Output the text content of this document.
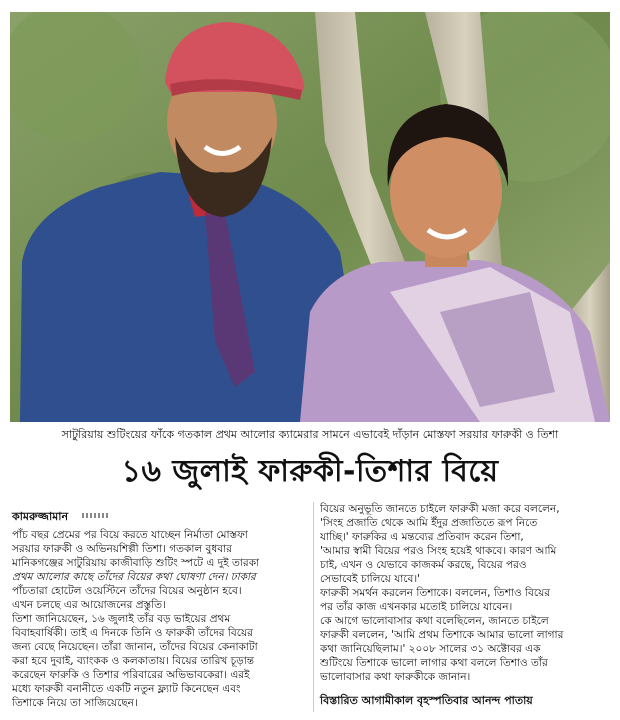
সাটুরিয়ায় শুটিংয়ের ফাঁকে গতকাল প্রথম আলোর ক্যামেরার সামনে এভাবেই দাঁড়ান মোস্তফা সরয়ার ফারুকী ও তিশা
১৬ জুলাই ফারুকী-তিশার বিয়ে
কামরুজ্জামান

পাঁচ বছর প্রেমের পর বিয়ে করতে যাচ্ছেন নির্মাতা মোস্তফা

সরয়ার ফারুকী ও অভিনয়শিল্পী তিশা। গতকাল বুধবার

মানিকগঞ্জের সাটুরিয়ায় কাজীবাড়ি শুটিং স্পটে এ দুই তারকা

প্রথম আলোর কাছে তাঁদের বিয়ের কথা ঘোষণা দেন। ঢাকার

পাঁচতারা হোটেল ওয়েস্টিনে তাঁদের বিয়ের অনুষ্ঠান হবে।

এখন চলছে এর আয়োজনের প্রস্তুতি।

তিশা জানিয়েছেন, ১৬ জুলাই তাঁর বড় ভাইয়ের প্রথম

বিবাহবার্ষিকী। তাই এ দিনকে তিনি ও ফারুকী তাঁদের বিয়ের

জন্য বেছে নিয়েছেন। তাঁরা জানান, তাঁদের বিয়ের কেনাকাটা

করা হবে দুবাই, ব্যাংকক ও কলকাতায়। বিয়ের তারিখ চূড়ান্ত

করেছেন ফারুকি ও তিশার পরিবারের অভিভাবকেরা। এরই

মধ্যে ফারুকী বনানীতে একটি নতুন ফ্ল্যাট কিনেছেন এবং

তিশাকে নিয়ে তা সাজিয়েছেন।

বিয়ের অনুভূতি জানতে চাইলে ফারুকী মজা করে বললেন,

'সিংহ প্রজাতি থেকে আমি ইঁদুর প্রজাতিতে রূপ নিতে

যাচ্ছি।' ফারুকির এ মন্তব্যের প্রতিবাদ করেন তিশা,

'আমার স্বামী বিয়ের পরও সিংহ হয়েই থাকবে। কারণ আমি

চাই, এখন ও যেভাবে কাজকর্ম করছে, বিয়ের পরও

সেভাবেই চালিয়ে যাবে।'

ফারুকী সমর্থন করলেন তিশাকে। বললেন, তিশাও বিয়ের

পর তাঁর কাজ এখনকার মতোই চালিয়ে যাবেন।

কে আগে ভালোবাসার কথা বলেছিলেন, জানতে চাইলে

ফারুকী বললেন, 'আমি প্রথম তিশাকে আমার ভালো লাগার

কথা জানিয়েছিলাম।' ২০০৮ সালের ৩১ অক্টোবর এক

শুটিংয়ে তিশাকে ভালো লাগার কথা বললে তিশাও তাঁর

ভালোবাসার কথা ফারুকীকে জানান।

বিস্তারিত আগামীকাল বৃহস্পতিবার আনন্দ পাতায়
